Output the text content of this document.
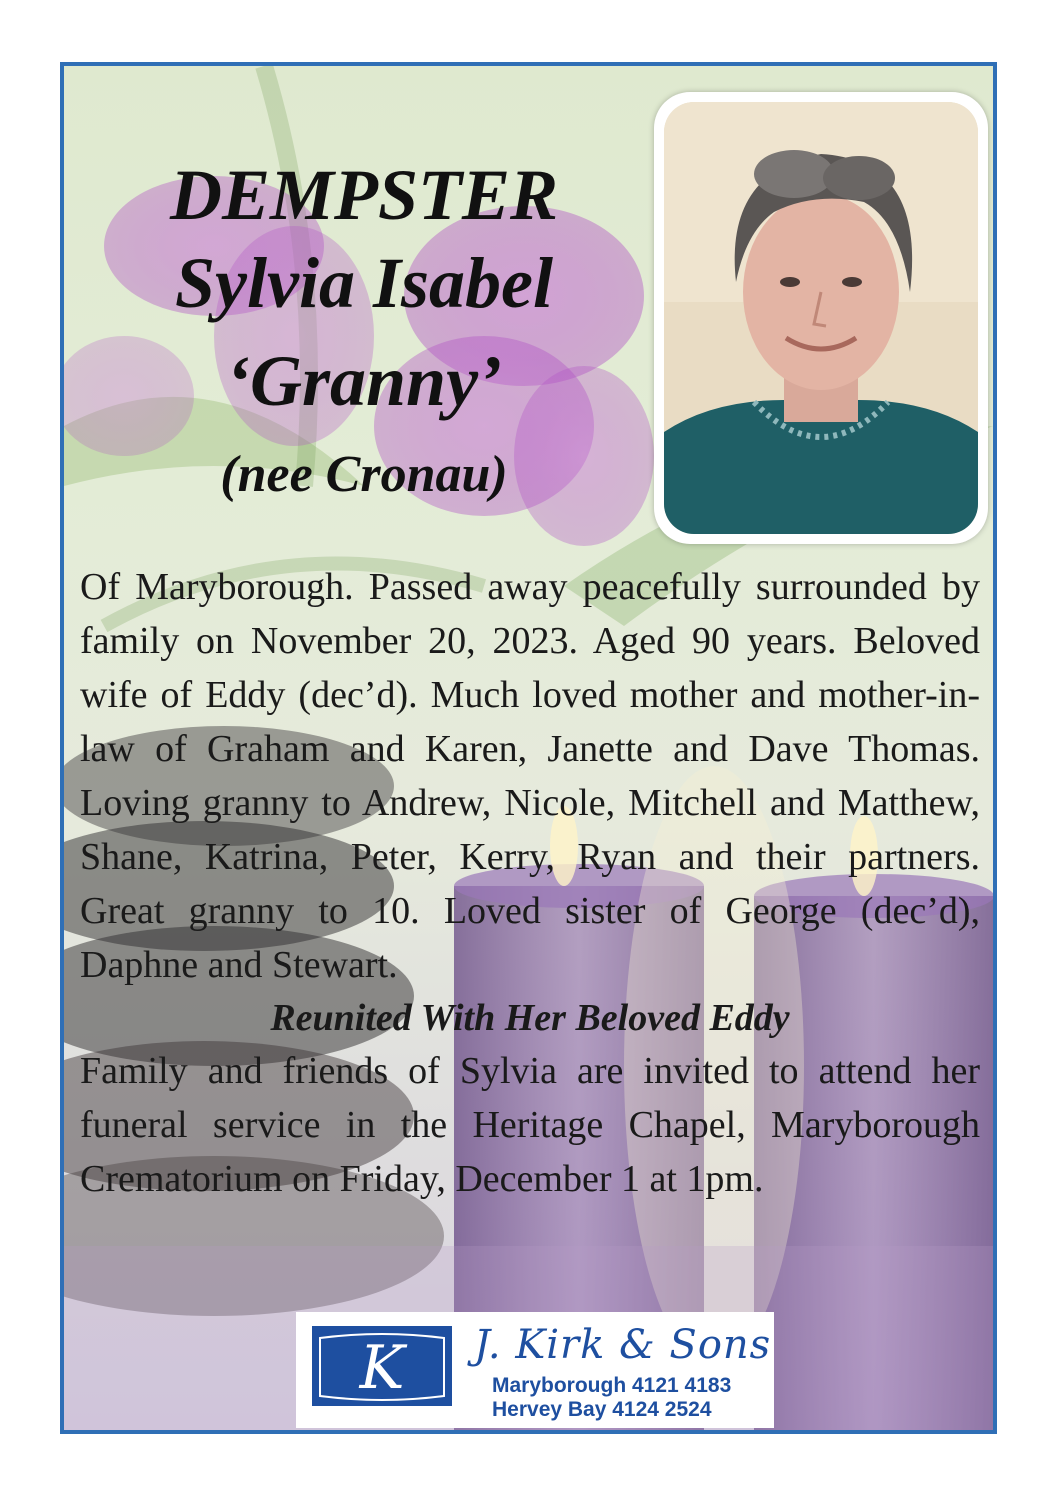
DEMPSTER
Sylvia Isabel
‘Granny’
(nee Cronau)

Of Maryborough. Passed away peacefully surrounded by family on November 20, 2023. Aged 90 years. Beloved wife of Eddy (dec’d). Much loved mother and mother-in-law of Graham and Karen, Janette and Dave Thomas. Loving granny to Andrew, Nicole, Mitchell and Matthew, Shane, Katrina, Peter, Kerry, Ryan and their partners. Great granny to 10. Loved sister of George (dec’d), Daphne and Stewart.

Reunited With Her Beloved Eddy

Family and friends of Sylvia are invited to attend her funeral service in the Heritage Chapel, Maryborough Crematorium on Friday, December 1 at 1pm.

K J. Kirk & Sons
Maryborough 4121 4183
Hervey Bay 4124 2524
